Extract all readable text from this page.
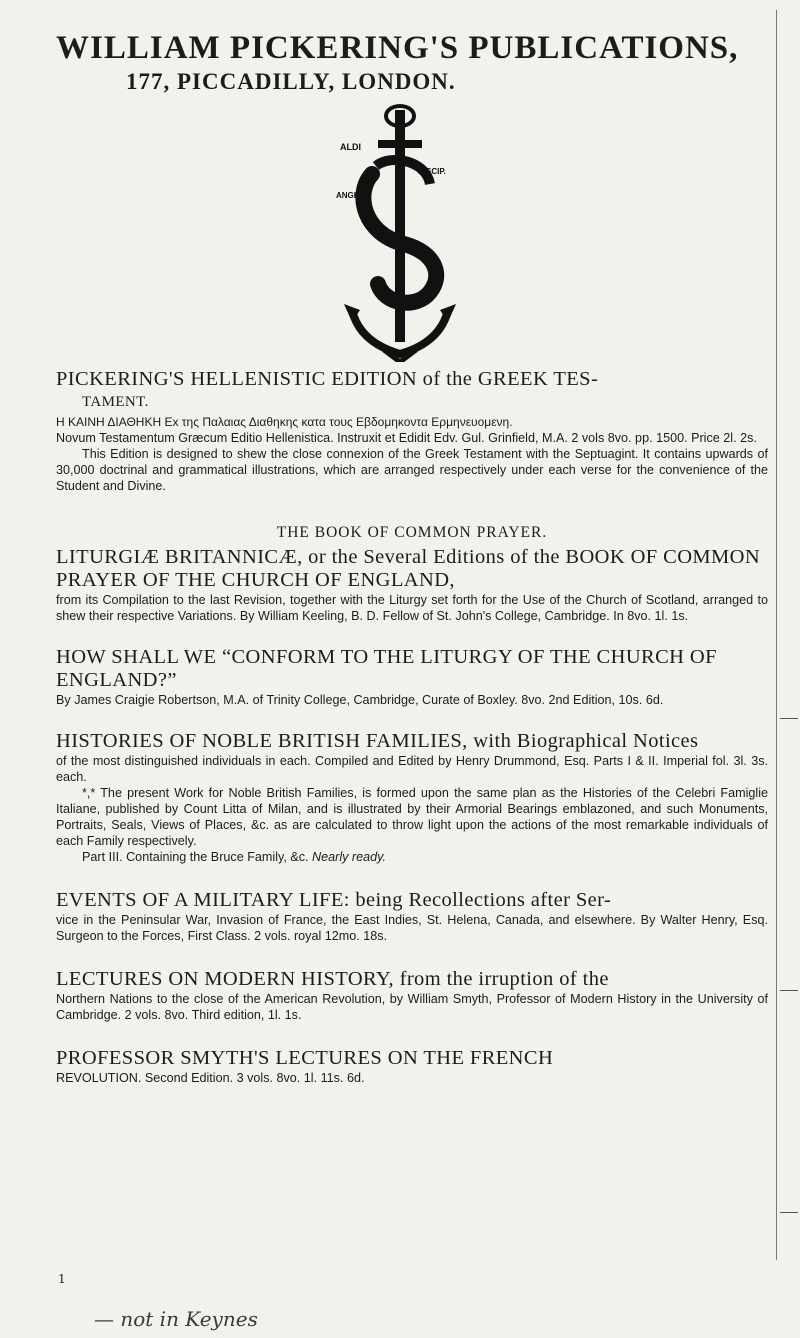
WILLIAM PICKERING'S PUBLICATIONS,
177, PICCADILLY, LONDON.
ALDI
DISCIP.
ANGLVS
PICKERING'S HELLENISTIC EDITION of the GREEK TES-
TAMENT.
Η ΚΑΙΝΗ ΔΙΑΘΗΚΗ Ex της Παλαιας Διαθηκης κατα τους Εβδομηκοντα Ερμηνευομενη.
Novum Testamentum Græcum Editio Hellenistica. Instruxit et Edidit Edv. Gul. Grinfield, M.A. 2 vols 8vo. pp. 1500. Price 2l. 2s.
This Edition is designed to shew the close connexion of the Greek Testament with the Septuagint. It contains upwards of 30,000 doctrinal and grammatical illustrations, which are arranged respectively under each verse for the convenience of the Student and Divine.
THE BOOK OF COMMON PRAYER.
LITURGIÆ BRITANNICÆ, or the Several Editions of the BOOK OF COMMON PRAYER OF THE CHURCH OF ENGLAND,
from its Compilation to the last Revision, together with the Liturgy set forth for the Use of the Church of Scotland, arranged to shew their respective Variations. By William Keeling, B. D. Fellow of St. John's College, Cambridge. In 8vo. 1l. 1s.
HOW SHALL WE “CONFORM TO THE LITURGY OF THE CHURCH OF ENGLAND?”
By James Craigie Robertson, M.A. of Trinity College, Cambridge, Curate of Boxley. 8vo. 2nd Edition, 10s. 6d.
HISTORIES OF NOBLE BRITISH FAMILIES, with Biographical Notices
of the most distinguished individuals in each. Compiled and Edited by Henry Drummond, Esq. Parts I & II. Imperial fol. 3l. 3s. each.
*,* The present Work for Noble British Families, is formed upon the same plan as the Histories of the Celebri Famiglie Italiane, published by Count Litta of Milan, and is illustrated by their Armorial Bearings emblazoned, and such Monuments, Portraits, Seals, Views of Places, &c. as are calculated to throw light upon the actions of the most remarkable individuals of each Family respectively.
Part III. Containing the Bruce Family, &c. Nearly ready.
EVENTS OF A MILITARY LIFE: being Recollections after Ser-
vice in the Peninsular War, Invasion of France, the East Indies, St. Helena, Canada, and elsewhere. By Walter Henry, Esq. Surgeon to the Forces, First Class. 2 vols. royal 12mo. 18s.
LECTURES ON MODERN HISTORY, from the irruption of the
Northern Nations to the close of the American Revolution, by William Smyth, Professor of Modern History in the University of Cambridge. 2 vols. 8vo. Third edition, 1l. 1s.
PROFESSOR SMYTH'S LECTURES ON THE FRENCH
REVOLUTION. Second Edition. 3 vols. 8vo. 1l. 11s. 6d.
1
— not in Keynes
